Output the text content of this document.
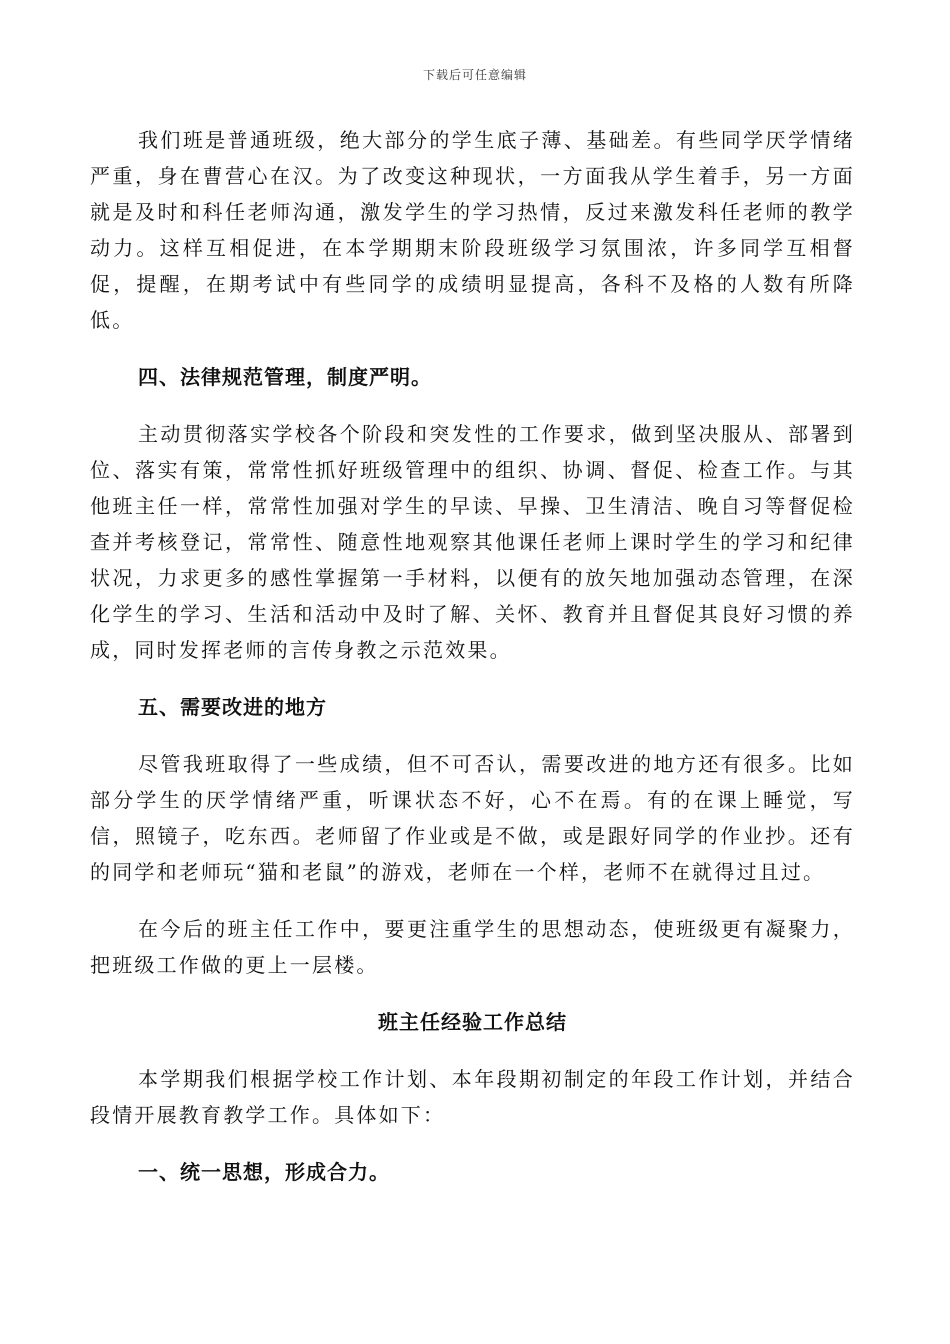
下载后可任意编辑

我们班是普通班级，绝大部分的学生底子薄、基础差。有些同学厌学情绪严重，身在曹营心在汉。为了改变这种现状，一方面我从学生着手，另一方面就是及时和科任老师沟通，激发学生的学习热情，反过来激发科任老师的教学动力。这样互相促进，在本学期期末阶段班级学习氛围浓，许多同学互相督促，提醒，在期考试中有些同学的成绩明显提高，各科不及格的人数有所降低。

四、法律规范管理，制度严明。

主动贯彻落实学校各个阶段和突发性的工作要求，做到坚决服从、部署到位、落实有策，常常性抓好班级管理中的组织、协调、督促、检查工作。与其他班主任一样，常常性加强对学生的早读、早操、卫生清洁、晚自习等督促检查并考核登记，常常性、随意性地观察其他课任老师上课时学生的学习和纪律状况，力求更多的感性掌握第一手材料，以便有的放矢地加强动态管理，在深化学生的学习、生活和活动中及时了解、关怀、教育并且督促其良好习惯的养成，同时发挥老师的言传身教之示范效果。

五、需要改进的地方

尽管我班取得了一些成绩，但不可否认，需要改进的地方还有很多。比如部分学生的厌学情绪严重，听课状态不好，心不在焉。有的在课上睡觉，写信，照镜子，吃东西。老师留了作业或是不做，或是跟好同学的作业抄。还有的同学和老师玩“猫和老鼠”的游戏，老师在一个样，老师不在就得过且过。

在今后的班主任工作中，要更注重学生的思想动态，使班级更有凝聚力，把班级工作做的更上一层楼。

班主任经验工作总结

本学期我们根据学校工作计划、本年段期初制定的年段工作计划，并结合段情开展教育教学工作。具体如下：

一、统一思想，形成合力。
